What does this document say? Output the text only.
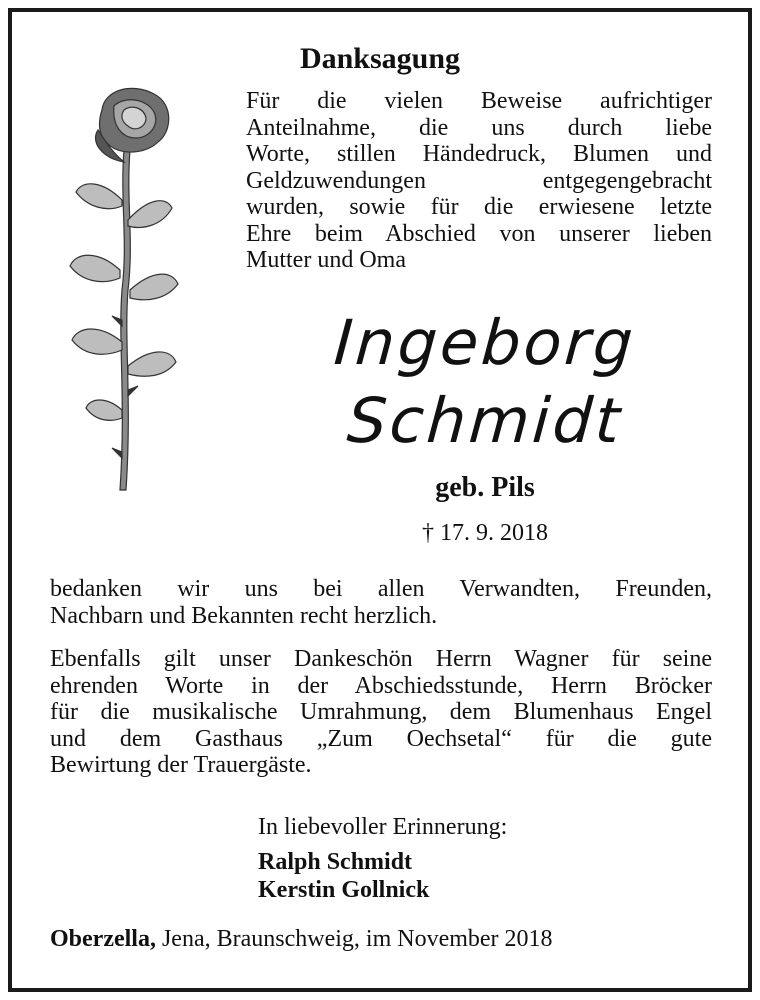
Danksagung
Für die vielen Beweise aufrichtiger
Anteilnahme, die uns durch liebe
Worte, stillen Händedruck, Blumen und
Geldzuwendungen entgegengebracht
wurden, sowie für die erwiesene letzte
Ehre beim Abschied von unserer lieben
Mutter und Oma
Ingeborg
Schmidt
geb. Pils
† 17. 9. 2018
bedanken wir uns bei allen Verwandten, Freunden,
Nachbarn und Bekannten recht herzlich.
Ebenfalls gilt unser Dankeschön Herrn Wagner für seine
ehrenden Worte in der Abschiedsstunde, Herrn Bröcker
für die musikalische Umrahmung, dem Blumenhaus Engel
und dem Gasthaus „Zum Oechsetal“ für die gute
Bewirtung der Trauergäste.
In liebevoller Erinnerung:
Ralph Schmidt
Kerstin Gollnick
Oberzella, Jena, Braunschweig, im November 2018
